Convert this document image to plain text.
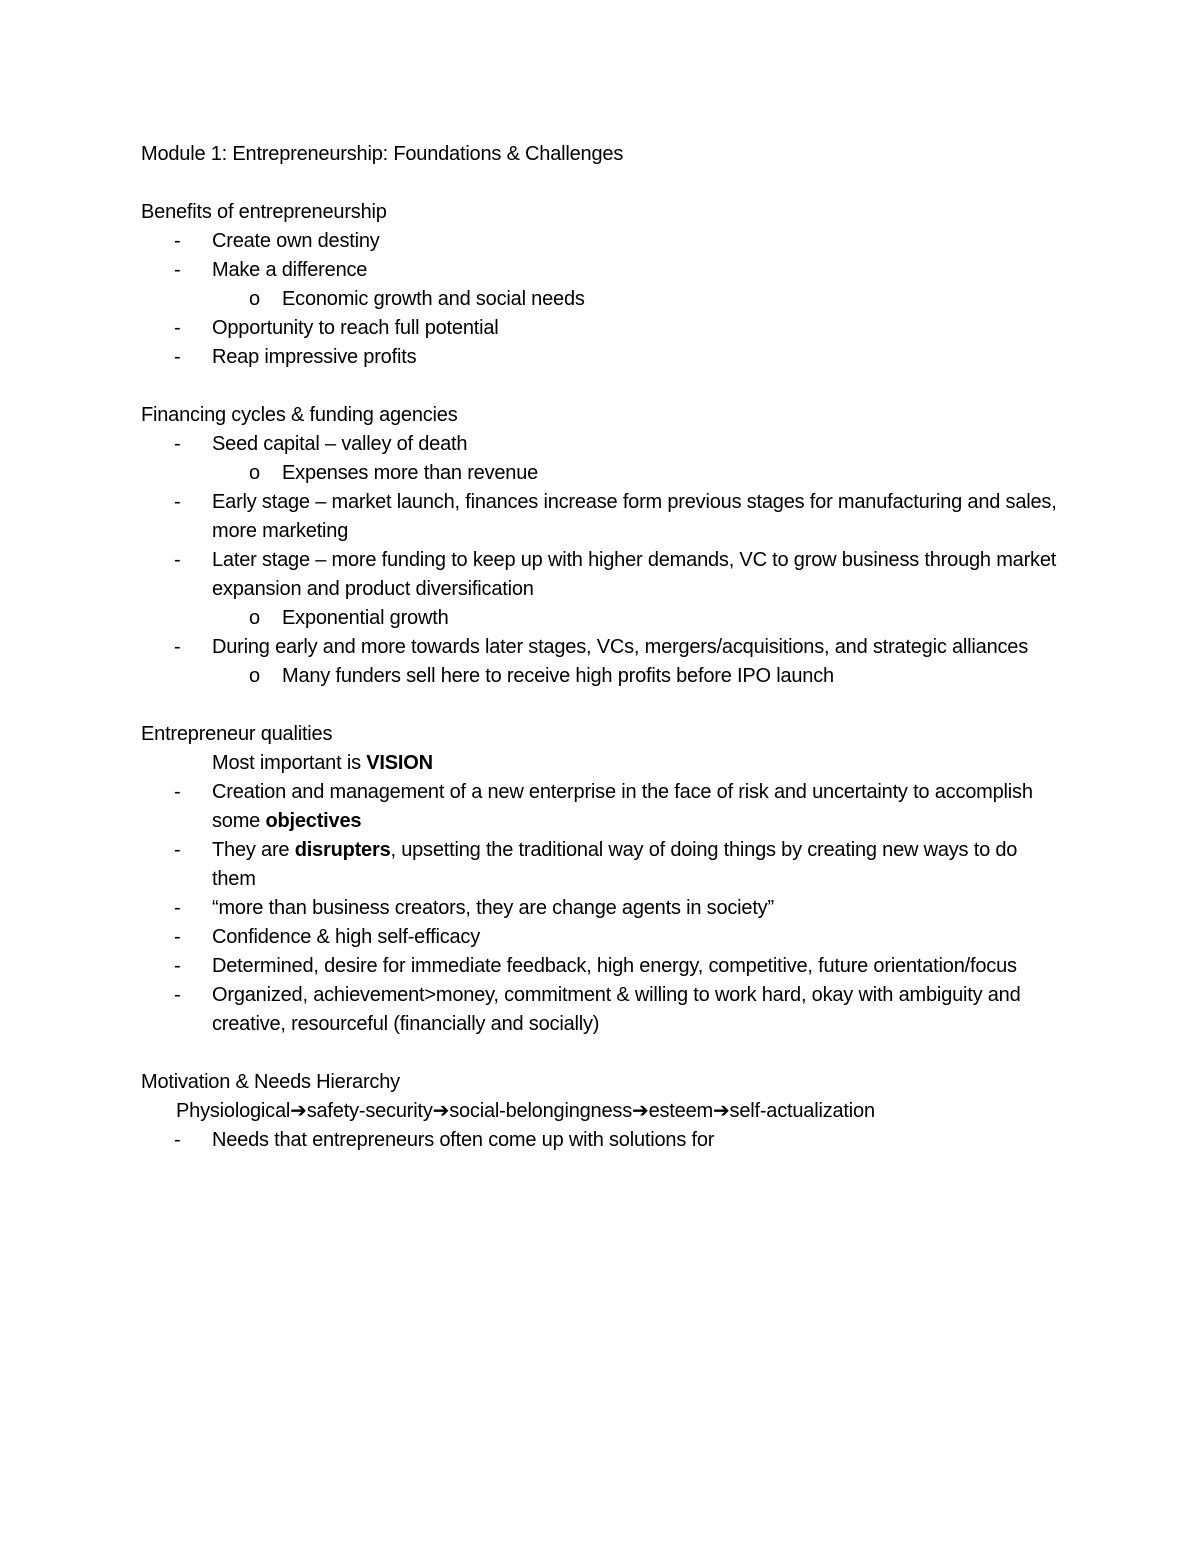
Module 1: Entrepreneurship: Foundations & Challenges

Benefits of entrepreneurship

-	Create own destiny
-	Make a difference
o	Economic growth and social needs
-	Opportunity to reach full potential
-	Reap impressive profits

Financing cycles & funding agencies

-	Seed capital – valley of death
o	Expenses more than revenue
-	Early stage – market launch, finances increase form previous stages for manufacturing and sales, more marketing
-	Later stage – more funding to keep up with higher demands, VC to grow business through market expansion and product diversification
o	Exponential growth
-	During early and more towards later stages, VCs, mergers/acquisitions, and strategic alliances
o	Many funders sell here to receive high profits before IPO launch

Entrepreneur qualities

Most important is VISION

-	Creation and management of a new enterprise in the face of risk and uncertainty to accomplish some objectives
-	They are disrupters, upsetting the traditional way of doing things by creating new ways to do them
-	“more than business creators, they are change agents in society”
-	Confidence & high self-efficacy
-	Determined, desire for immediate feedback, high energy, competitive, future orientation/focus
-	Organized, achievement>money, commitment & willing to work hard, okay with ambiguity and creative, resourceful (financially and socially)

Motivation & Needs Hierarchy

Physiological➔safety-security➔social-belongingness➔esteem➔self-actualization

-	Needs that entrepreneurs often come up with solutions for
